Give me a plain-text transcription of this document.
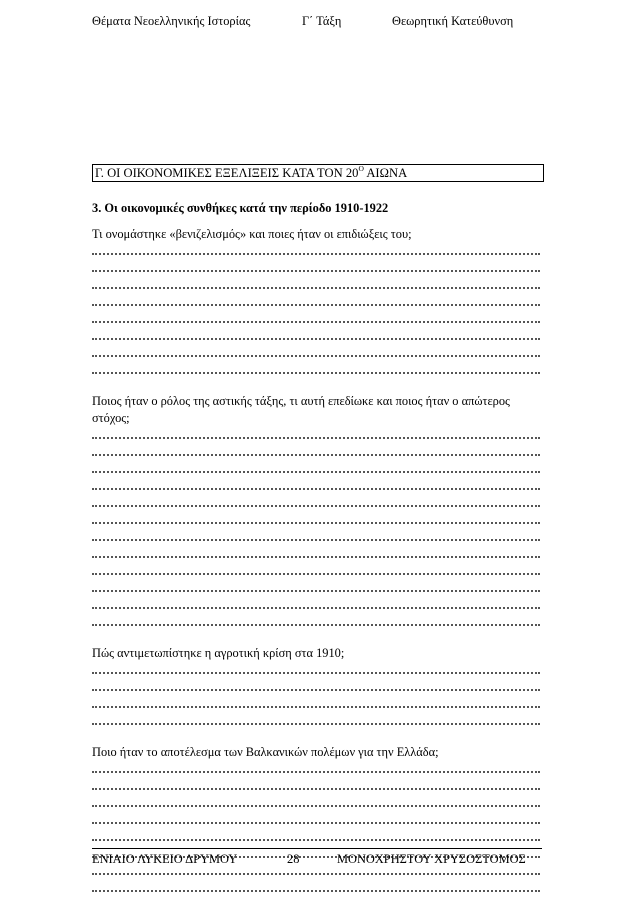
Θέματα Νεοελληνικής Ιστορίας	Γ΄ Τάξη	Θεωρητική Κατεύθυνση
Γ. ΟΙ ΟΙΚΟΝΟΜΙΚΕΣ ΕΞΕΛΙΞΕΙΣ ΚΑΤΑ ΤΟΝ $20^O$ ΑΙΩΝΑ
3. Οι οικονομικές συνθήκες κατά την περίοδο 1910-1922

Τι ονομάστηκε «βενιζελισμός» και ποιες ήταν οι επιδιώξεις του;

Ποιος ήταν ο ρόλος της αστικής τάξης, τι αυτή επεδίωκε και ποιος ήταν ο απώτερος στόχος;

Πώς αντιμετωπίστηκε η αγροτική κρίση στα 1910;

Ποιο ήταν το αποτέλεσμα των Βαλκανικών πολέμων για την Ελλάδα;

ΕΝΙΑΙΟ ΛΥΚΕΙΟ ΔΡΥΜΟΥ	28	ΜΟΝΟΧΡΗΣΤΟΥ ΧΡΥΣΟΣΤΟΜΟΣ
